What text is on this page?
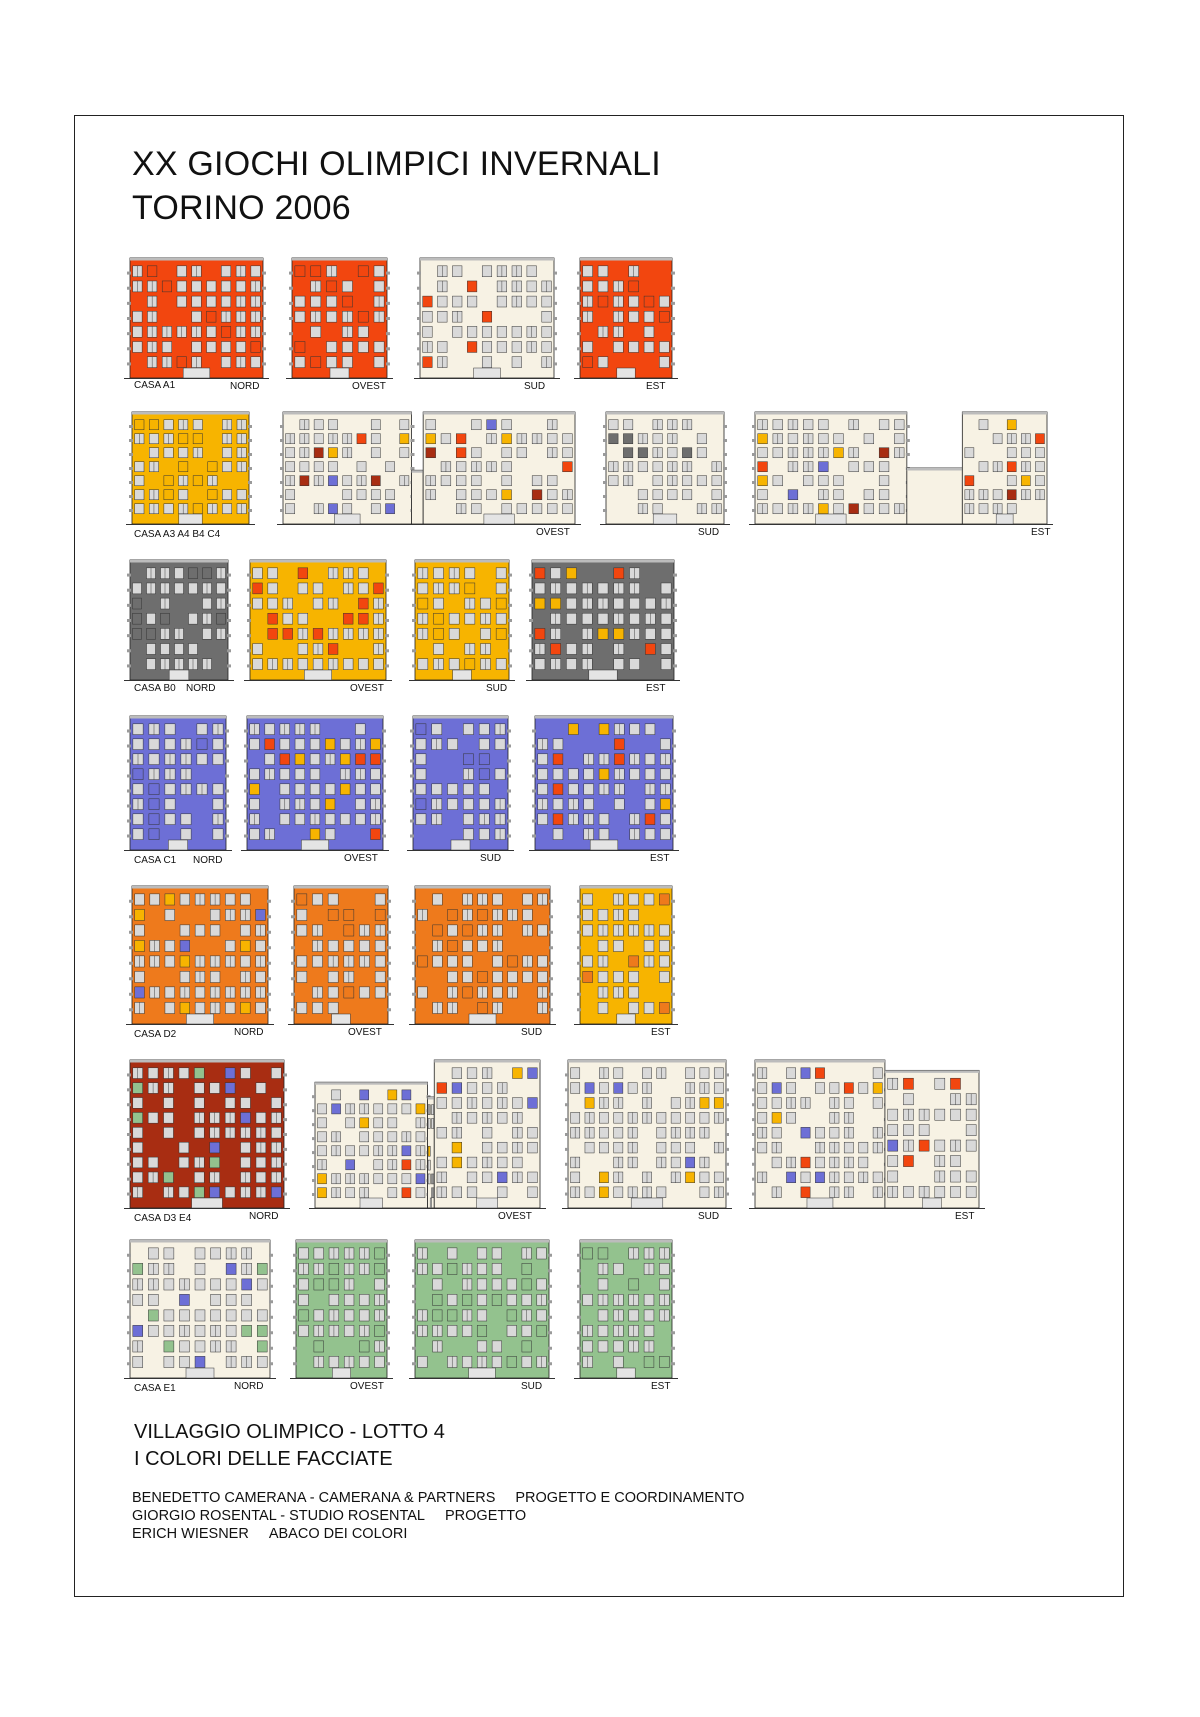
XX GIOCHI OLIMPICI INVERNALI
TORINO 2006
CASA A1	NORD	OVEST	SUD	EST
CASA A3 A4 B4 C4	OVEST	SUD	EST
CASA B0 NORD	OVEST	SUD	EST
CASA C1 NORD	OVEST	SUD	EST
CASA D2	NORD	OVEST	SUD	EST
CASA D3 E4	NORD	OVEST	SUD	EST
CASA E1	NORD	OVEST	SUD	EST
VILLAGGIO OLIMPICO - LOTTO 4
I COLORI DELLE FACCIATE
BENEDETTO CAMERANA - CAMERANA & PARTNERS PROGETTO E COORDINAMENTO
GIORGIO ROSENTAL - STUDIO ROSENTAL PROGETTO
ERICH WIESNER ABACO DEI COLORI
